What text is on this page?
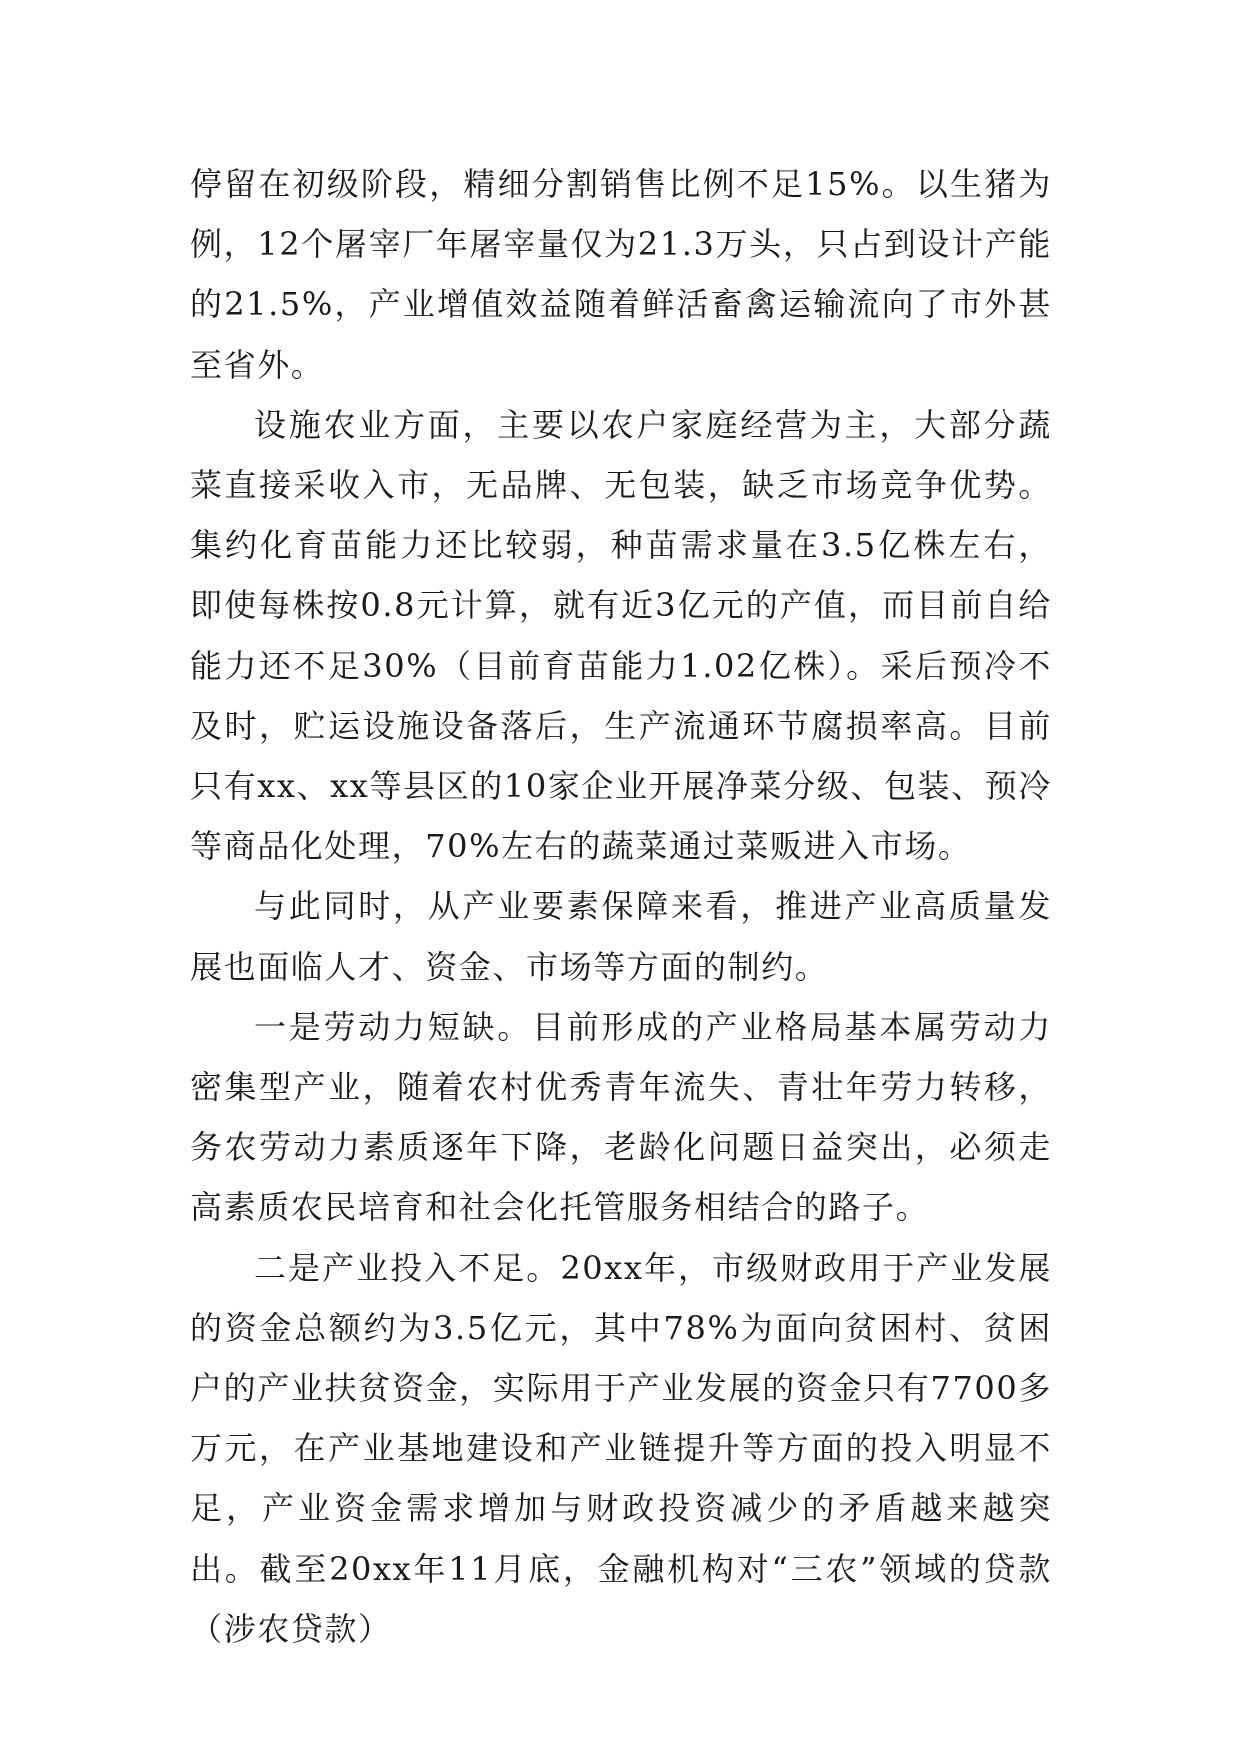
停留在初级阶段，精细分割销售比例不足15%。以生猪为例，12个屠宰厂年屠宰量仅为21.3万头，只占到设计产能的21.5%，产业增值效益随着鲜活畜禽运输流向了市外甚至省外。

设施农业方面，主要以农户家庭经营为主，大部分蔬菜直接采收入市，无品牌、无包装，缺乏市场竞争优势。集约化育苗能力还比较弱，种苗需求量在3.5亿株左右，即使每株按0.8元计算，就有近3亿元的产值，而目前自给能力还不足30%（目前育苗能力1.02亿株）。采后预冷不及时，贮运设施设备落后，生产流通环节腐损率高。目前只有xx、xx等县区的10家企业开展净菜分级、包装、预冷等商品化处理，70%左右的蔬菜通过菜贩进入市场。

与此同时，从产业要素保障来看，推进产业高质量发展也面临人才、资金、市场等方面的制约。

一是劳动力短缺。目前形成的产业格局基本属劳动力密集型产业，随着农村优秀青年流失、青壮年劳力转移，务农劳动力素质逐年下降，老龄化问题日益突出，必须走高素质农民培育和社会化托管服务相结合的路子。

二是产业投入不足。20xx年，市级财政用于产业发展的资金总额约为3.5亿元，其中78%为面向贫困村、贫困户的产业扶贫资金，实际用于产业发展的资金只有7700多万元，在产业基地建设和产业链提升等方面的投入明显不足，产业资金需求增加与财政投资减少的矛盾越来越突出。截至20xx年11月底，金融机构对“三农”领域的贷款（涉农贷款）
